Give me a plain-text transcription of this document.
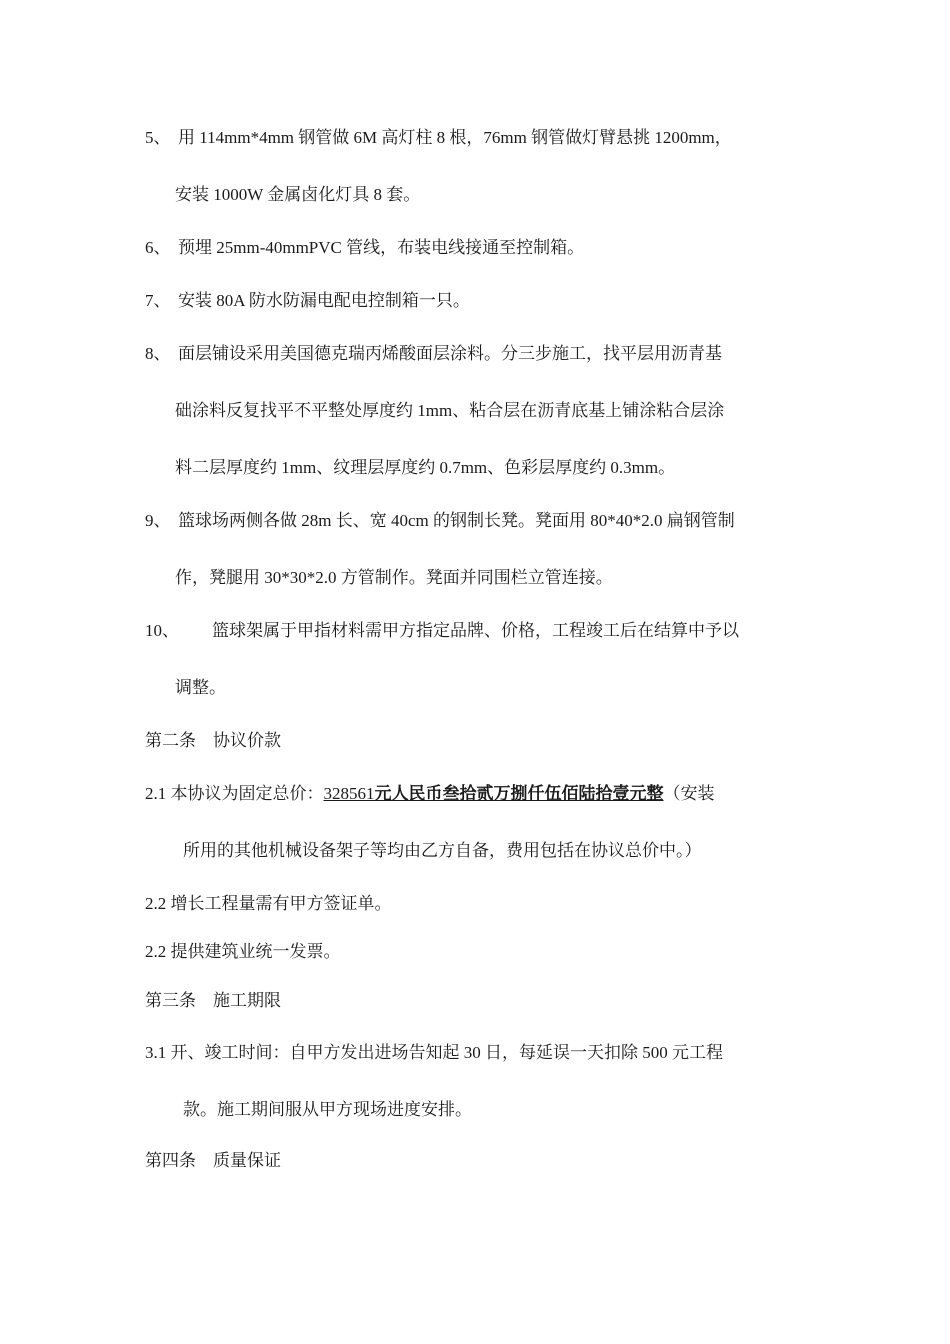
5、 用 114mm*4mm 钢管做 6M 高灯柱 8 根，76mm 钢管做灯臂悬挑 1200mm，
安装 1000W 金属卤化灯具 8 套。
6、 预埋 25mm-40mmPVC 管线，布装电线接通至控制箱。
7、 安装 80A 防水防漏电配电控制箱一只。
8、 面层铺设采用美国德克瑞丙烯酸面层涂料。分三步施工，找平层用沥青基
础涂料反复找平不平整处厚度约 1mm、粘合层在沥青底基上铺涂粘合层涂
料二层厚度约 1mm、纹理层厚度约 0.7mm、色彩层厚度约 0.3mm。
9、 篮球场两侧各做 28m 长、宽 40cm 的钢制长凳。凳面用 80*40*2.0 扁钢管制
作，凳腿用 30*30*2.0 方管制作。凳面并同围栏立管连接。
10、 篮球架属于甲指材料需甲方指定品牌、价格，工程竣工后在结算中予以
调整。
第二条　协议价款
2.1 本协议为固定总价：328561元人民币叁拾贰万捌仟伍佰陆拾壹元整（安装
所用的其他机械设备架子等均由乙方自备，费用包括在协议总价中。）
2.2 增长工程量需有甲方签证单。
2.2 提供建筑业统一发票。
第三条　施工期限
3.1 开、竣工时间：自甲方发出进场告知起 30 日，每延误一天扣除 500 元工程
款。施工期间服从甲方现场进度安排。
第四条　质量保证
